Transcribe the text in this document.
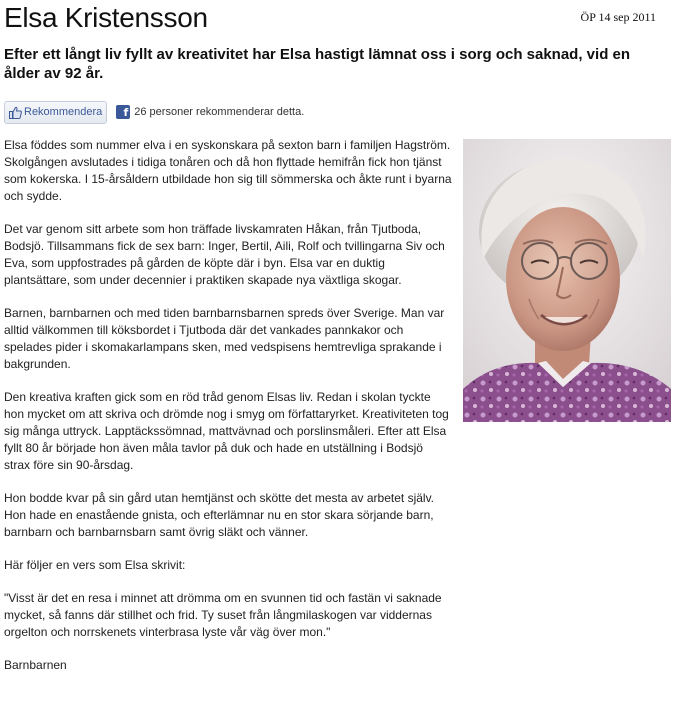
Elsa Kristensson	ÖP 14 sep 2011
Efter ett långt liv fyllt av kreativitet har Elsa hastigt lämnat oss i sorg och saknad, vid en ålder av 92 år.
Rekommendera	f 26 personer rekommenderar detta.

Elsa föddes som nummer elva i en syskonskara på sexton barn i familjen Hagström. Skolgången avslutades i tidiga tonåren och då hon flyttade hemifrån fick hon tjänst som kokerska. I 15-årsåldern utbildade hon sig till sömmerska och åkte runt i byarna och sydde.

Det var genom sitt arbete som hon träffade livskamraten Håkan, från Tjutboda, Bodsjö. Tillsammans fick de sex barn: Inger, Bertil, Aili, Rolf och tvillingarna Siv och Eva, som uppfostrades på gården de köpte där i byn. Elsa var en duktig plantsättare, som under decennier i praktiken skapade nya växtliga skogar.

Barnen, barnbarnen och med tiden barnbarnsbarnen spreds över Sverige. Man var alltid välkommen till köksbordet i Tjutboda där det vankades pannkakor och spelades pider i skomakarlampans sken, med vedspisens hemtrevliga sprakande i bakgrunden.

Den kreativa kraften gick som en röd tråd genom Elsas liv. Redan i skolan tyckte hon mycket om att skriva och drömde nog i smyg om författaryrket. Kreativiteten tog sig många uttryck. Lapptäckssömnad, mattvävnad och porslinsmåleri. Efter att Elsa fyllt 80 år började hon även måla tavlor på duk och hade en utställning i Bodsjö strax före sin 90-årsdag.

Hon bodde kvar på sin gård utan hemtjänst och skötte det mesta av arbetet själv. Hon hade en enastående gnista, och efterlämnar nu en stor skara sörjande barn, barnbarn och barnbarnsbarn samt övrig släkt och vänner.

Här följer en vers som Elsa skrivit:

"Visst är det en resa i minnet att drömma om en svunnen tid och fastän vi saknade mycket, så fanns där stillhet och frid. Ty suset från långmilaskogen var viddernas orgelton och norrskenets vinterbrasa lyste vår väg över mon."

Barnbarnen
